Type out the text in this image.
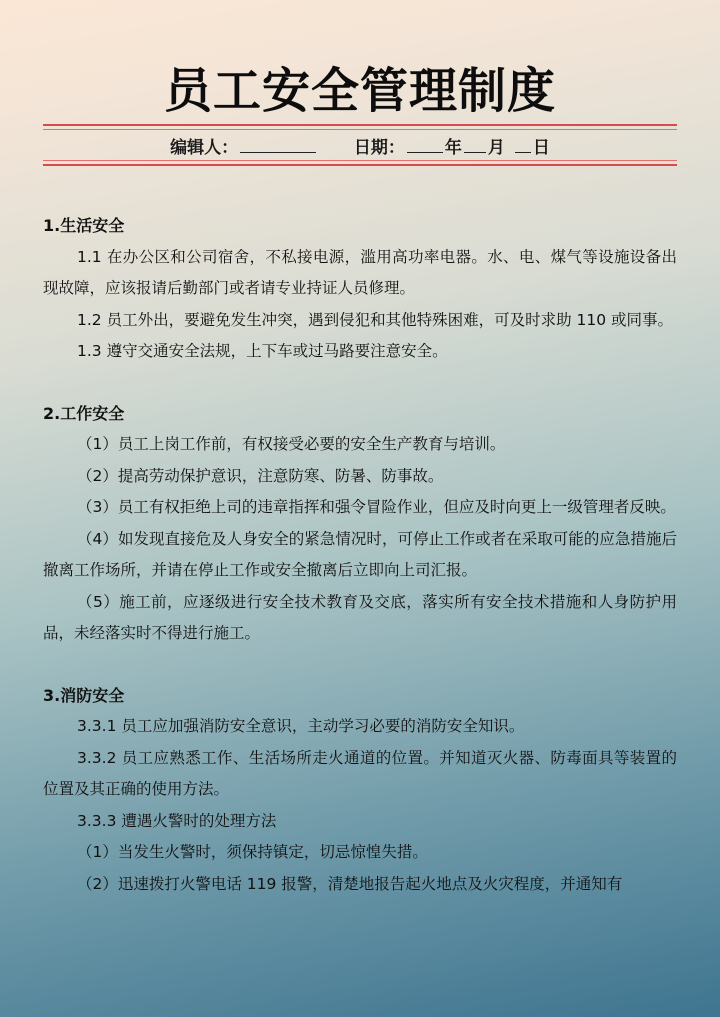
员工安全管理制度
编辑人：	日期： 年 月 日
1.生活安全
1.1 在办公区和公司宿舍，不私接电源，滥用高功率电器。水、电、煤气等设施设备出现故障，应该报请后勤部门或者请专业持证人员修理。
1.2 员工外出，要避免发生冲突，遇到侵犯和其他特殊困难，可及时求助 110 或同事。
1.3 遵守交通安全法规，上下车或过马路要注意安全。
2.工作安全
（1）员工上岗工作前，有权接受必要的安全生产教育与培训。
（2）提高劳动保护意识，注意防寒、防暑、防事故。
（3）员工有权拒绝上司的违章指挥和强令冒险作业，但应及时向更上一级管理者反映。
（4）如发现直接危及人身安全的紧急情况时，可停止工作或者在采取可能的应急措施后撤离工作场所，并请在停止工作或安全撤离后立即向上司汇报。
（5）施工前，应逐级进行安全技术教育及交底，落实所有安全技术措施和人身防护用品，未经落实时不得进行施工。
3.消防安全
3.3.1 员工应加强消防安全意识，主动学习必要的消防安全知识。
3.3.2 员工应熟悉工作、生活场所走火通道的位置。并知道灭火器、防毒面具等装置的位置及其正确的使用方法。
3.3.3 遭遇火警时的处理方法
（1）当发生火警时，须保持镇定，切忌惊惶失措。
（2）迅速拨打火警电话 119 报警，清楚地报告起火地点及火灾程度，并通知有
